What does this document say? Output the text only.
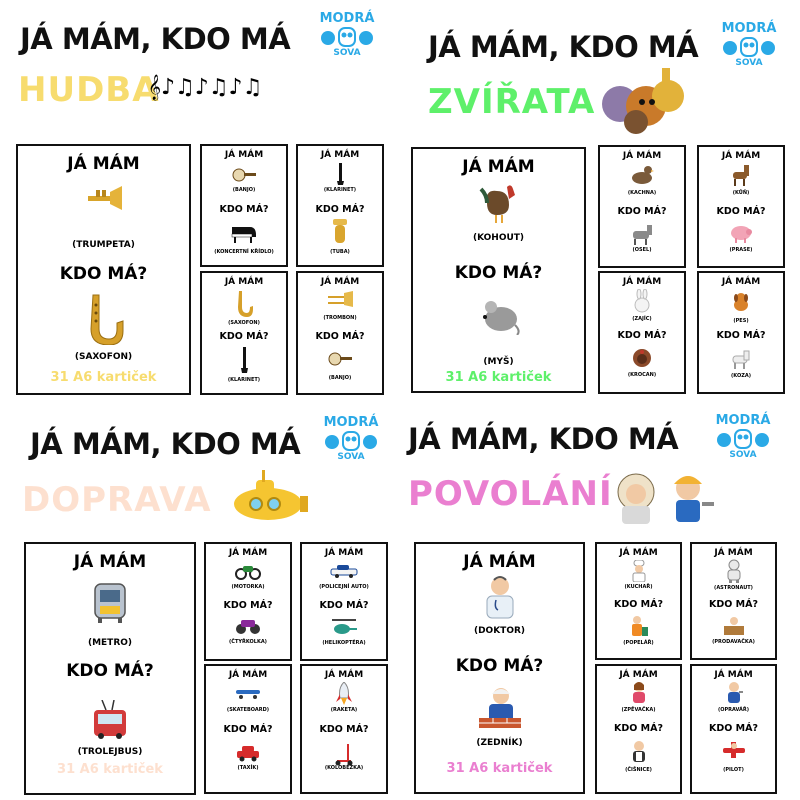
JÁ MÁM, KDO MÁ
HUDBA
𝄞♪♫♪♫♪♫
MODRÁ
SOVA
JÁ MÁM
(TRUMPETA)
KDO MÁ?
(SAXOFON)
31 A6 kartiček
JÁ MÁM
(BANJO)
KDO MÁ?
(KONCERTNÍ KŘÍDLO)
JÁ MÁM
(KLARINET)
KDO MÁ?
(TUBA)
JÁ MÁM
(SAXOFON)
KDO MÁ?
(KLARINET)
JÁ MÁM
(TROMBON)
KDO MÁ?
(BANJO)
JÁ MÁM, KDO MÁ
ZVÍŘATA
MODRÁ
SOVA
JÁ MÁM
(KOHOUT)
KDO MÁ?
(MYŠ)
31 A6 kartiček
JÁ MÁM
(KACHNA)
KDO MÁ?
(OSEL)
JÁ MÁM
(KŮŇ)
KDO MÁ?
(PRASE)
JÁ MÁM
(ZAJÍC)
KDO MÁ?
(KROCAN)
JÁ MÁM
(PES)
KDO MÁ?
(KOZA)
JÁ MÁM, KDO MÁ
DOPRAVA
MODRÁ
SOVA
JÁ MÁM
(METRO)
KDO MÁ?
(TROLEJBUS)
31 A6 kartiček
JÁ MÁM
(MOTORKA)
KDO MÁ?
(ČTYŘKOLKA)
JÁ MÁM
(POLICEJNÍ AUTO)
KDO MÁ?
(HELIKOPTÉRA)
JÁ MÁM
(SKATEBOARD)
KDO MÁ?
(TAXÍK)
JÁ MÁM
(RAKETA)
KDO MÁ?
(KOLOBĚŽKA)
JÁ MÁM, KDO MÁ
POVOLÁNÍ
MODRÁ
SOVA
JÁ MÁM
(DOKTOR)
KDO MÁ?
(ZEDNÍK)
31 A6 kartiček
JÁ MÁM
(KUCHAŘ)
KDO MÁ?
(POPELÁŘ)
JÁ MÁM
(ASTRONAUT)
KDO MÁ?
(PRODAVAČKA)
JÁ MÁM
(ZPĚVAČKA)
KDO MÁ?
(ČIŠNICE)
JÁ MÁM
(OPRAVÁŘ)
KDO MÁ?
(PILOT)
